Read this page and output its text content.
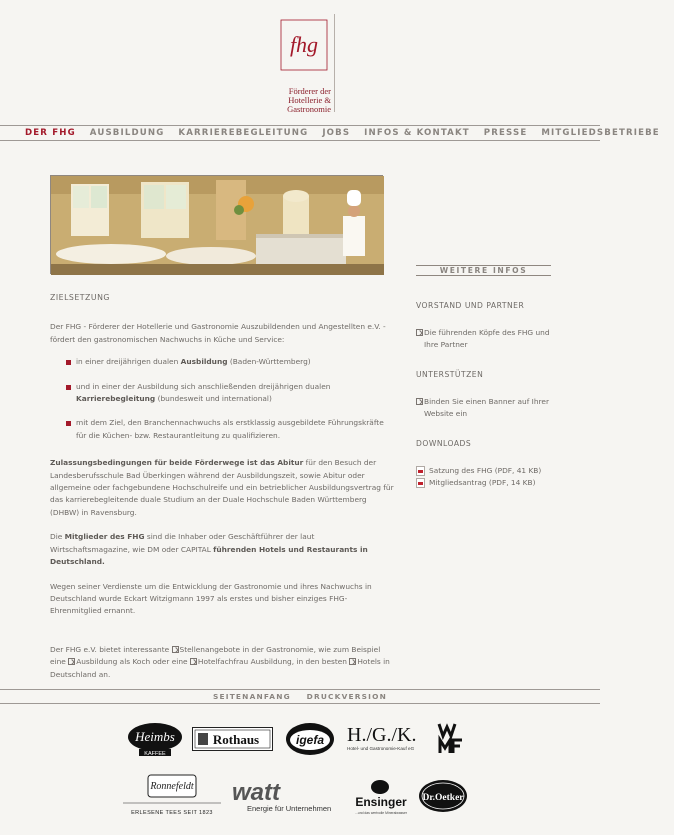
fhg
Förderer der
Hotellerie &
Gastronomie
DER FHG	AUSBILDUNG	KARRIEREBEGLEITUNG	JOBS	INFOS & KONTAKT	PRESSE	MITGLIEDSBETRIEBE
ZIELSETZUNG
Der FHG - Förderer der Hotellerie und Gastronomie Auszubildenden und Angestellten e.V. - fördert den gastronomischen Nachwuchs in Küche und Service:
in einer dreijährigen dualen Ausbildung (Baden-Württemberg)
und in einer der Ausbildung sich anschließenden dreijährigen dualen Karrierebegleitung (bundesweit und international)
mit dem Ziel, den Branchennachwuchs als erstklassig ausgebildete Führungskräfte für die Küchen- bzw. Restaurantleitung zu qualifizieren.
Zulassungsbedingungen für beide Förderwege ist das Abitur für den Besuch der Landesberufsschule Bad Überkingen während der Ausbildungszeit, sowie Abitur oder allgemeine oder fachgebundene Hochschulreife und ein betrieblicher Ausbildungsvertrag für das karrierebegleitende duale Studium an der Duale Hochschule Baden Württemberg (DHBW) in Ravensburg.
Die Mitglieder des FHG sind die Inhaber oder Geschäftführer der laut Wirtschaftsmagazine, wie DM oder CAPITAL führenden Hotels und Restaurants in Deutschland.
Wegen seiner Verdienste um die Entwicklung der Gastronomie und ihres Nachwuchs in Deutschland wurde Eckart Witzigmann 1997 als erstes und bisher einziges FHG-Ehrenmitglied ernannt.
Der FHG e.V. bietet interessante Stellenangebote in der Gastronomie, wie zum Beispiel eine Ausbildung als Koch oder eine Hotelfachfrau Ausbildung, in den besten Hotels in Deutschland an.
WEITERE INFOS
VORSTAND UND PARTNER
Die führenden Köpfe des FHG und Ihre Partner
UNTERSTÜTZEN
Binden Sie einen Banner auf Ihrer Website ein
DOWNLOADS
Satzung des FHG (PDF, 41 KB)
Mitgliedsantrag (PDF, 14 KB)
SEITENANFANG DRUCKVERSION
Heimbs
KAFFEE
Rothaus	igefa H./G./K.
Hotel- und Gastronomie-Kauf eG
Ronnefeldt
ERLESENE TEES SEIT 1823
watt
Energie für Unternehmen Ensinger
...und das wertvolle Mineralwasser
Dr.Oetker
